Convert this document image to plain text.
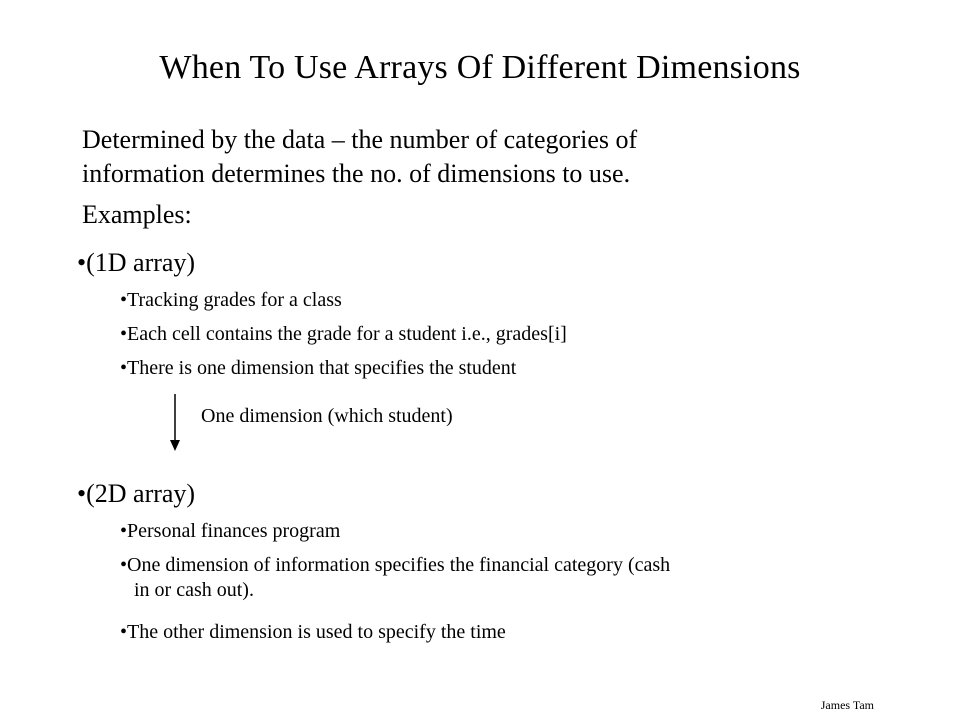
When To Use Arrays Of Different Dimensions
Determined by the data – the number of categories of
information determines the no. of dimensions to use.
Examples:
•(1D array)
•Tracking grades for a class
•Each cell contains the grade for a student i.e., grades[i]
•There is one dimension that specifies the student
One dimension (which student)
•(2D array)
•Personal finances program
•One dimension of information specifies the financial category (cash
in or cash out).
•The other dimension is used to specify the time
James Tam
